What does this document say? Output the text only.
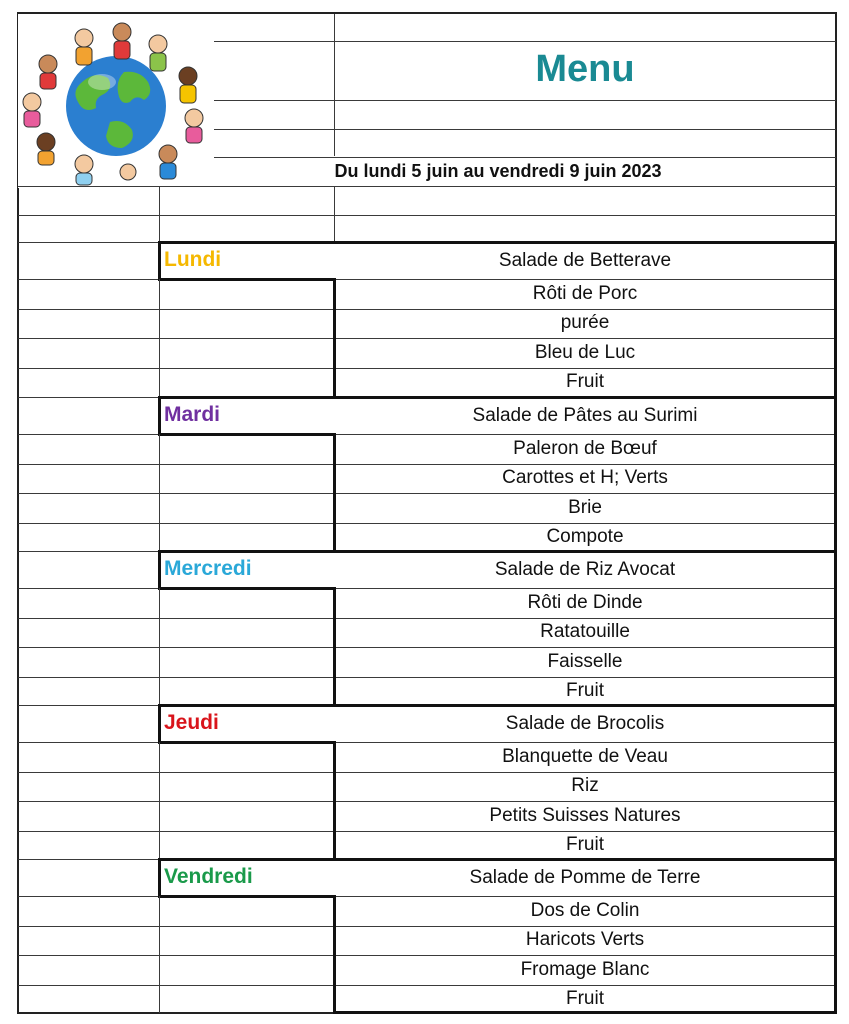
Menu
Du lundi 5 juin au vendredi 9 juin 2023
Lundi	Salade de Betterave
Rôti de Porc
purée
Bleu de Luc
Fruit
Mardi	Salade de Pâtes au Surimi
Paleron de Bœuf
Carottes et H; Verts
Brie
Compote
Mercredi	Salade de Riz Avocat
Rôti de Dinde
Ratatouille
Faisselle
Fruit
Jeudi	Salade de Brocolis
Blanquette de Veau
Riz
Petits Suisses Natures
Fruit
Vendredi	Salade de Pomme de Terre
Dos de Colin
Haricots Verts
Fromage Blanc
Fruit
